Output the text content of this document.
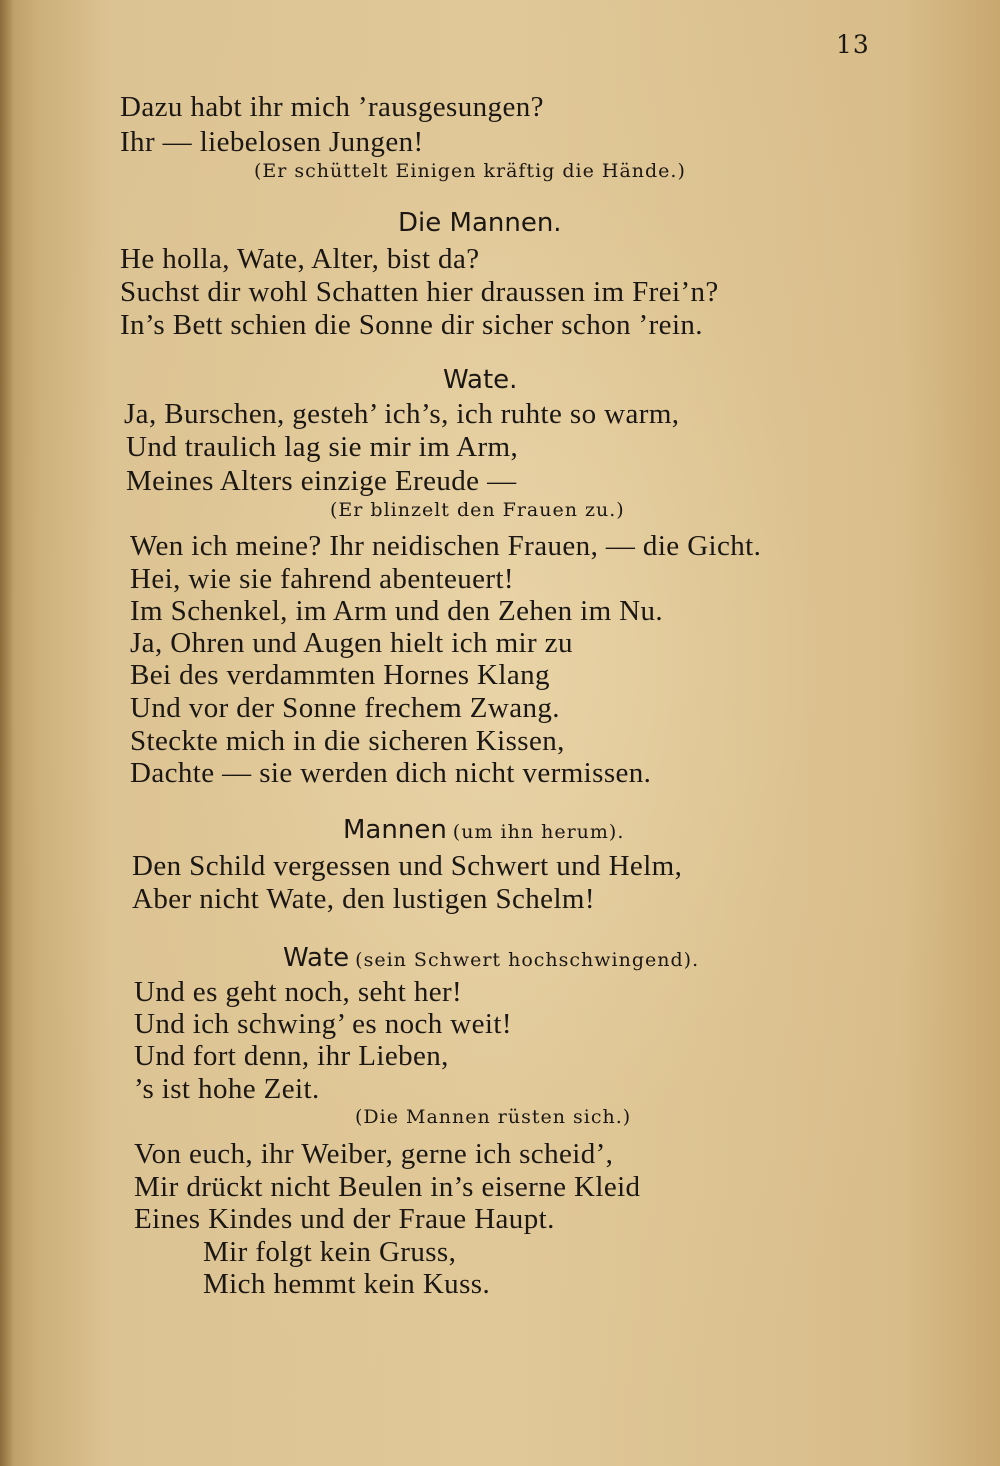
13
Dazu habt ihr mich ’rausgesungen?
Ihr — liebelosen Jungen!
(Er schüttelt Einigen kräftig die Hände.)
Die Mannen.
He holla, Wate, Alter, bist da?
Suchst dir wohl Schatten hier draussen im Frei’n?
In’s Bett schien die Sonne dir sicher schon ’rein.
Wate.
Ja, Burschen, gesteh’ ich’s, ich ruhte so warm,
Und traulich lag sie mir im Arm,
Meines Alters einzige Ereude —
(Er blinzelt den Frauen zu.)
Wen ich meine? Ihr neidischen Frauen, — die Gicht.
Hei, wie sie fahrend abenteuert!
Im Schenkel, im Arm und den Zehen im Nu.
Ja, Ohren und Augen hielt ich mir zu
Bei des verdammten Hornes Klang
Und vor der Sonne frechem Zwang.
Steckte mich in die sicheren Kissen,
Dachte — sie werden dich nicht vermissen.
Mannen (um ihn herum).
Den Schild vergessen und Schwert und Helm,
Aber nicht Wate, den lustigen Schelm!
Wate (sein Schwert hochschwingend).
Und es geht noch, seht her!
Und ich schwing’ es noch weit!
Und fort denn, ihr Lieben,
’s ist hohe Zeit.
(Die Mannen rüsten sich.)
Von euch, ihr Weiber, gerne ich scheid’,
Mir drückt nicht Beulen in’s eiserne Kleid
Eines Kindes und der Fraue Haupt.
Mir folgt kein Gruss,
Mich hemmt kein Kuss.
